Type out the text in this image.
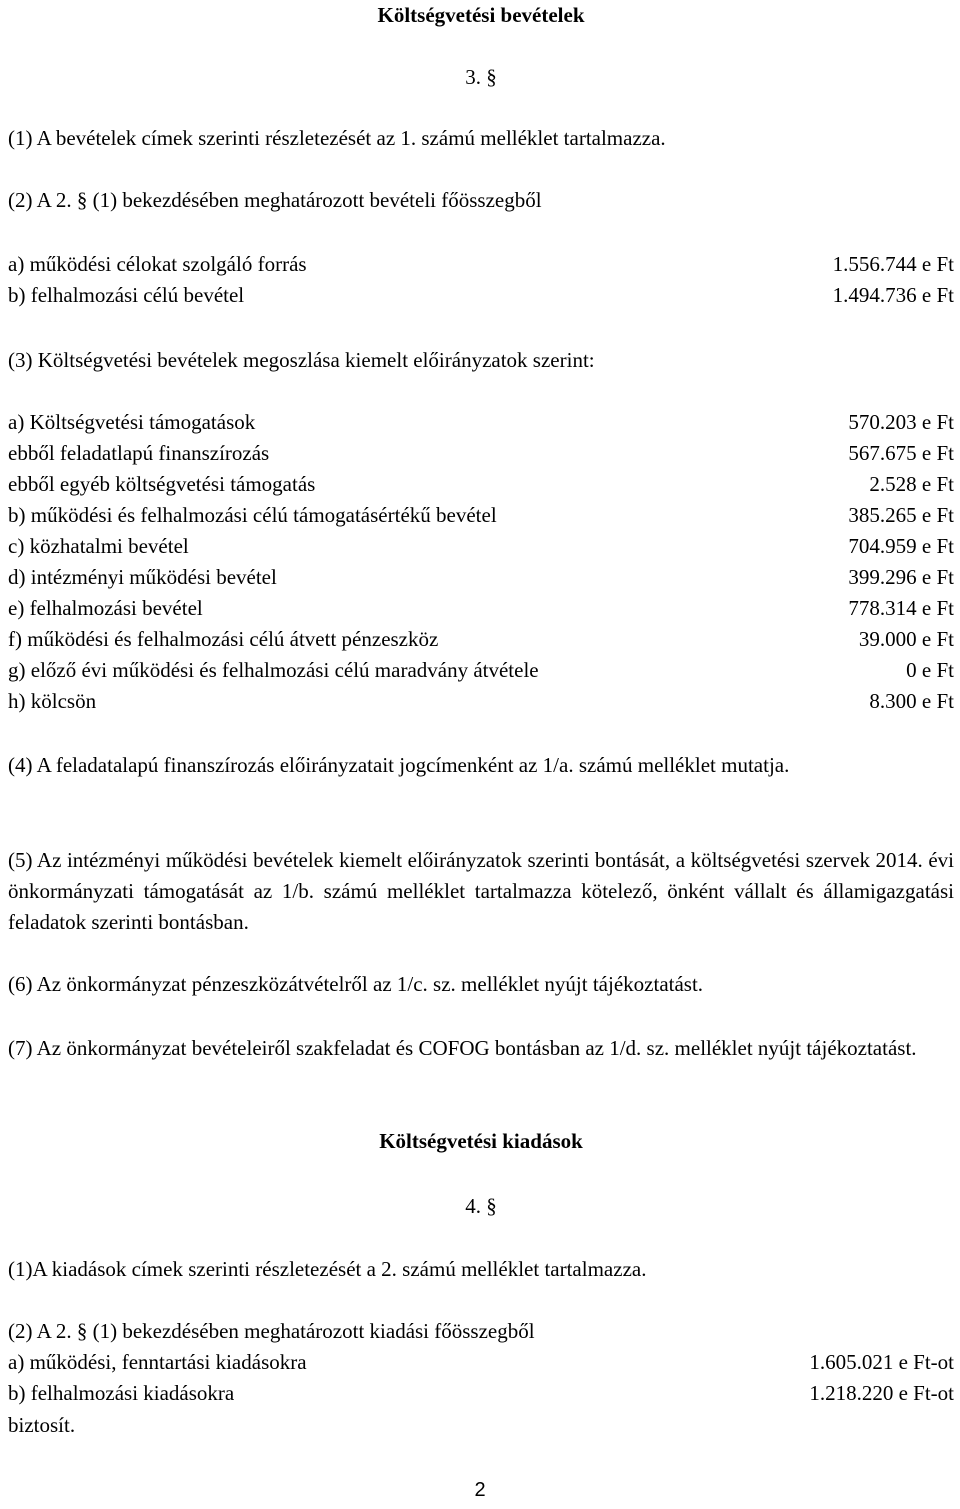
Költségvetési bevételek
3. §
(1) A bevételek címek szerinti részletezését az 1. számú melléklet tartalmazza.
(2) A 2. § (1) bekezdésében meghatározott bevételi főösszegből
a) működési célokat szolgáló forrás	1.556.744 e Ft
b) felhalmozási célú bevétel	1.494.736 e Ft
(3) Költségvetési bevételek megoszlása kiemelt előirányzatok szerint:
a) Költségvetési támogatások	570.203 e Ft
ebből feladatlapú finanszírozás	567.675 e Ft
ebből egyéb költségvetési támogatás	2.528 e Ft
b) működési és felhalmozási célú támogatásértékű bevétel	385.265 e Ft
c) közhatalmi bevétel	704.959 e Ft
d) intézményi működési bevétel	399.296 e Ft
e) felhalmozási bevétel	778.314 e Ft
f) működési és felhalmozási célú átvett pénzeszköz	39.000 e Ft
g) előző évi működési és felhalmozási célú maradvány átvétele	0 e Ft
h) kölcsön	8.300 e Ft
(4) A feladatalapú finanszírozás előirányzatait jogcímenként az 1/a. számú melléklet mutatja.
(5) Az intézményi működési bevételek kiemelt előirányzatok szerinti bontását, a költségvetési szervek 2014. évi önkormányzati támogatását az 1/b. számú melléklet tartalmazza kötelező, önként vállalt és államigazgatási feladatok szerinti bontásban.
(6) Az önkormányzat pénzeszközátvételről az 1/c. sz. melléklet nyújt tájékoztatást.
(7) Az önkormányzat bevételeiről szakfeladat és COFOG bontásban az 1/d. sz. melléklet nyújt tájékoztatást.
Költségvetési kiadások
4. §
(1)A kiadások címek szerinti részletezését a 2. számú melléklet tartalmazza.
(2) A 2. § (1) bekezdésében meghatározott kiadási főösszegből
a) működési, fenntartási kiadásokra	1.605.021 e Ft-ot
b) felhalmozási kiadásokra	1.218.220 e Ft-ot
biztosít.
2
